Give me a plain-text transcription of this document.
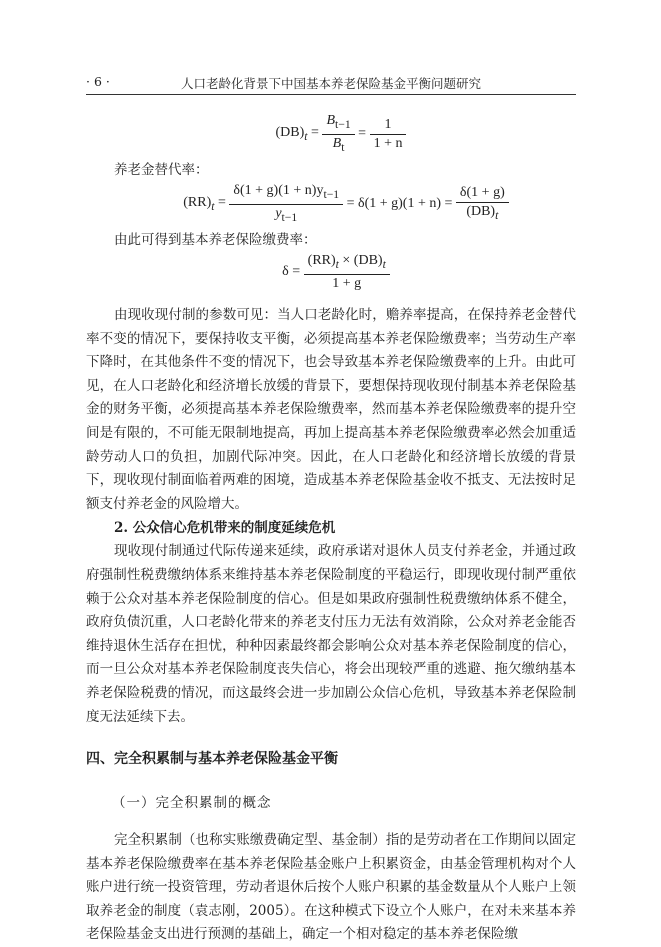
· 6 ·	人口老龄化背景下中国基本养老保险基金平衡问题研究
$(DB)_t = \frac{B_{t-1}}{B_t} = \frac{1}{1 + n}$

养老金替代率：

$(RR)_t = \frac{\delta(1 + g)(1 + n)y_{t-1}}{y_{t-1}} = \delta(1 + g)(1 + n) = \frac{\delta(1 + g)}{(DB)_t}$

由此可得到基本养老保险缴费率：

$\delta = \frac{(RR)_t \times (DB)_t}{1 + g}$

由现收现付制的参数可见：当人口老龄化时，赡养率提高，在保持养老金替代率不变的情况下，要保持收支平衡，必须提高基本养老保险缴费率；当劳动生产率下降时，在其他条件不变的情况下，也会导致基本养老保险缴费率的上升。由此可见，在人口老龄化和经济增长放缓的背景下，要想保持现收现付制基本养老保险基金的财务平衡，必须提高基本养老保险缴费率，然而基本养老保险缴费率的提升空间是有限的，不可能无限制地提高，再加上提高基本养老保险缴费率必然会加重适龄劳动人口的负担，加剧代际冲突。因此，在人口老龄化和经济增长放缓的背景下，现收现付制面临着两难的困境，造成基本养老保险基金收不抵支、无法按时足额支付养老金的风险增大。

2. 公众信心危机带来的制度延续危机

现收现付制通过代际传递来延续，政府承诺对退休人员支付养老金，并通过政府强制性税费缴纳体系来维持基本养老保险制度的平稳运行，即现收现付制严重依赖于公众对基本养老保险制度的信心。但是如果政府强制性税费缴纳体系不健全，政府负债沉重，人口老龄化带来的养老支付压力无法有效消除，公众对养老金能否维持退休生活存在担忧，种种因素最终都会影响公众对基本养老保险制度的信心，而一旦公众对基本养老保险制度丧失信心，将会出现较严重的逃避、拖欠缴纳基本养老保险税费的情况，而这最终会进一步加剧公众信心危机，导致基本养老保险制度无法延续下去。

四、完全积累制与基本养老保险基金平衡

（一）完全积累制的概念

完全积累制（也称实账缴费确定型、基金制）指的是劳动者在工作期间以固定基本养老保险缴费率在基本养老保险基金账户上积累资金，由基金管理机构对个人账户进行统一投资管理，劳动者退休后按个人账户积累的基金数量从个人账户上领取养老金的制度（袁志刚，2005）。在这种模式下设立个人账户，在对未来基本养老保险基金支出进行预测的基础上，确定一个相对稳定的基本养老保险缴
